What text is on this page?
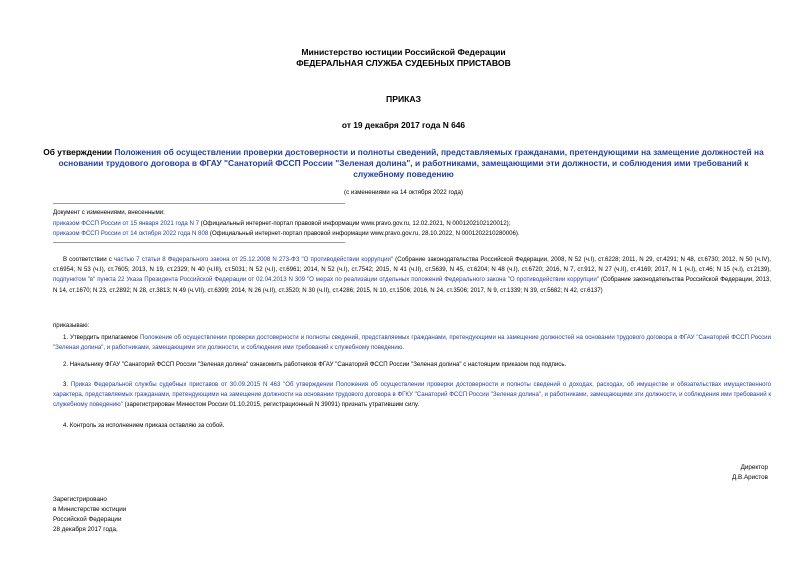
Министерство юстиции Российской Федерации
ФЕДЕРАЛЬНАЯ СЛУЖБА СУДЕБНЫХ ПРИСТАВОВ
ПРИКАЗ
от 19 декабря 2017 года N 646
Об утверждении Положения об осуществлении проверки достоверности и полноты сведений, представляемых гражданами, претендующими на замещение должностей на основании трудового договора в ФГАУ "Санаторий ФССП России "Зеленая долина", и работниками, замещающими эти должности, и соблюдения ими требований к служебному поведению
(с изменениями на 14 октября 2022 года)
Документ с изменениями, внесенными:
приказом ФССП России от 15 января 2021 года N 7 (Официальный интернет-портал правовой информации www.pravo.gov.ru, 12.02.2021, N 0001202102120012);
приказом ФССП России от 14 октября 2022 года N 808 (Официальный интернет-портал правовой информации www.pravo.gov.ru, 28.10.2022, N 0001202210280006).
В соответствии с частью 7 статьи 8 Федерального закона от 25.12.2008 N 273-ФЗ "О противодействии коррупции" (Собрание законодательства Российской Федерации, 2008, N 52 (ч.I), ст.6228; 2011, N 29, ст.4291; N 48, ст.6730; 2012, N 50 (ч.IV), ст.6954; N 53 (ч.I), ст.7605; 2013, N 19, ст.2329; N 40 (ч.III), ст.5031; N 52 (ч.I), ст.6961; 2014, N 52 (ч.I), ст.7542; 2015, N 41 (ч.II), ст.5639, N 45, ст.6204; N 48 (ч.I), ст.6720; 2016, N 7, ст.912, N 27 (ч.II), ст.4169; 2017, N 1 (ч.I), ст.46; N 15 (ч.I), ст.2139), подпунктом "в" пункта 22 Указа Президента Российской Федерации от 02.04.2013 N 309 "О мерах по реализации отдельных положений Федерального закона "О противодействии коррупции" (Собрание законодательства Российской Федерации, 2013, N 14, ст.1670; N 23, ст.2892; N 28, ст.3813; N 49 (ч.VII), ст.6399; 2014, N 26 (ч.II), ст.3520; N 30 (ч.II), ст.4286; 2015, N 10, ст.1506; 2016, N 24, ст.3506; 2017, N 9, ст.1339; N 39, ст.5682; N 42, ст.6137)
приказываю:
1. Утвердить прилагаемое Положение об осуществлении проверки достоверности и полноты сведений, представляемых гражданами, претендующими на замещение должностей на основании трудового договора в ФГАУ "Санаторий ФССП России "Зеленая долина", и работниками, замещающими эти должности, и соблюдения ими требований к служебному поведению.
2. Начальнику ФГАУ "Санаторий ФССП России "Зеленая долина" ознакомить работников ФГАУ "Санаторий ФССП России "Зеленая долина" с настоящим приказом под подпись.
3. Приказ Федеральной службы судебных приставов от 30.09.2015 N 463 "Об утверждении Положения об осуществлении проверки достоверности и полноты сведений о доходах, расходах, об имуществе и обязательствах имущественного характера, представляемых гражданами, претендующими на замещение должности на основании трудового договора в ФГКУ "Санаторий ФССП России "Зеленая долина", и работниками, замещающими эти должности, и соблюдения ими требований к служебному поведению" (зарегистрирован Минюстом России 01.10.2015, регистрационный N 39091) признать утратившим силу.
4. Контроль за исполнением приказа оставляю за собой.
Директор
Д.В.Аристов
Зарегистрировано
в Министерстве юстиции
Российской Федерации
28 декабря 2017 года,
